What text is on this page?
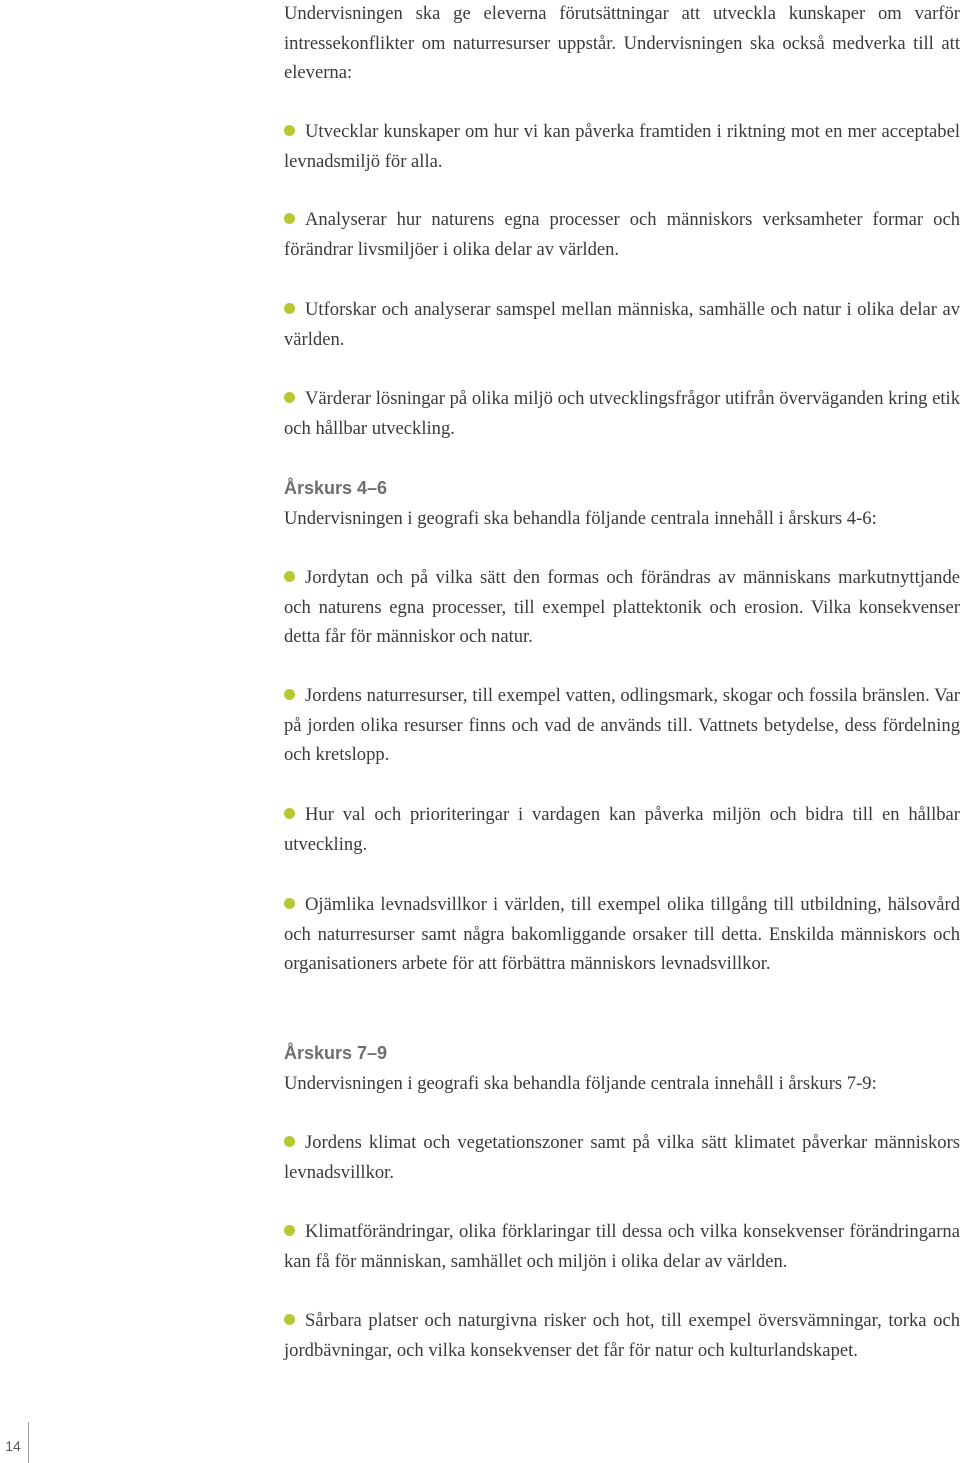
Undervisningen ska ge eleverna förutsättningar att utveckla kunskaper om varför intressekonflikter om naturresurser uppstår. Undervisningen ska också medverka till att eleverna:

Utvecklar kunskaper om hur vi kan påverka framtiden i riktning mot en mer acceptabel levnadsmiljö för alla.
Analyserar hur naturens egna processer och människors verksamheter formar och förändrar livsmiljöer i olika delar av världen.
Utforskar och analyserar samspel mellan människa, samhälle och natur i olika delar av världen.
Värderar lösningar på olika miljö och utvecklingsfrågor utifrån överväganden kring etik och hållbar utveckling.
Årskurs 4–6
Undervisningen i geografi ska behandla följande centrala innehåll i årskurs 4-6:
Jordytan och på vilka sätt den formas och förändras av människans markutnyttjande och naturens egna processer, till exempel plattektonik och erosion. Vilka konsekvenser detta får för människor och natur.
Jordens naturresurser, till exempel vatten, odlingsmark, skogar och fossila bränslen. Var på jorden olika resurser finns och vad de används till. Vattnets betydelse, dess fördelning och kretslopp.
Hur val och prioriteringar i vardagen kan påverka miljön och bidra till en hållbar utveckling.
Ojämlika levnadsvillkor i världen, till exempel olika tillgång till utbildning, hälsovård och naturresurser samt några bakomliggande orsaker till detta. Enskilda människors och organisationers arbete för att förbättra människors levnadsvillkor.
Årskurs 7–9
Undervisningen i geografi ska behandla följande centrala innehåll i årskurs 7-9:
Jordens klimat och vegetationszoner samt på vilka sätt klimatet påverkar människors levnadsvillkor.
Klimatförändringar, olika förklaringar till dessa och vilka konsekvenser förändringarna kan få för människan, samhället och miljön i olika delar av världen.
Sårbara platser och naturgivna risker och hot, till exempel översvämningar, torka och jordbävningar, och vilka konsekvenser det får för natur och kulturlandskapet.
14
